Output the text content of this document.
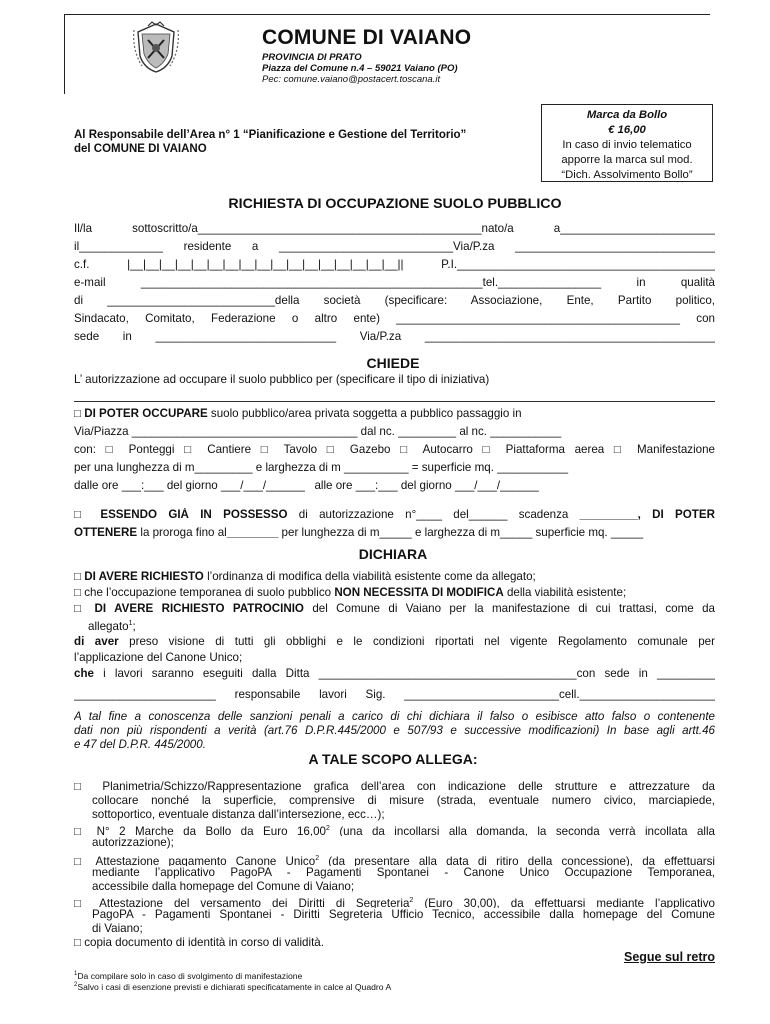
COMUNE DI VAIANO
PROVINCIA DI PRATO
Piazza del Comune n.4 – 59021 Vaiano (PO)
Pec: comune.vaiano@postacert.toscana.it
Al Responsabile dell’Area n° 1 “Pianificazione e Gestione del Territorio”
del COMUNE DI VAIANO
Marca da Bollo
€ 16,00
In caso di invio telematico
apporre la marca sul mod.
“Dich. Assolvimento Bollo”
RICHIESTA DI OCCUPAZIONE SUOLO PUBBLICO
Il/la sottoscritto/a____________________________________________nato/a a________________________
il_____________ residente a ___________________________Via/P.za _______________________________
c.f. |__|__|__|__|__|__|__|__|__|__|__|__|__|__|__|__|__|| P.I.________________________________________
e-mail _____________________________________________________tel.________________ in qualità
di __________________________della società (specificare: Associazione, Ente, Partito politico,
Sindacato, Comitato, Federazione o altro ente) ____________________________________________ con
sede in ____________________________ Via/P.za _____________________________________________
CHIEDE
L’ autorizzazione ad occupare il suolo pubblico per (specificare il tipo di iniziativa)
□ DI POTER OCCUPARE suolo pubblico/area privata soggetta a pubblico passaggio in
Via/Piazza ___________________________________ dal nc. _________ al nc. ___________
con: □ Ponteggi □ Cantiere □ Tavolo □ Gazebo □ Autocarro □ Piattaforma aerea □ Manifestazione
per una lunghezza di m_________ e larghezza di m __________ = superficie mq. ___________
dalle ore ___:___ del giorno ___/___/______   alle ore ___:___ del giorno ___/___/______
□ ESSENDO GIÀ IN POSSESSO di autorizzazione n°____ del______ scadenza _________, DI POTER
OTTENERE la proroga fino al________ per lunghezza di m_____ e larghezza di m_____ superficie mq. _____
DICHIARA
□ DI AVERE RICHIESTO l’ordinanza di modifica della viabilità esistente come da allegato;
□ che l’occupazione temporanea di suolo pubblico NON NECESSITA DI MODIFICA della viabilità esistente;
□ DI AVERE RICHIESTO PATROCINIO del Comune di Vaiano per la manifestazione di cui trattasi, come da
allegato$^1$;
di aver preso visione di tutti gli obblighi e le condizioni riportati nel vigente Regolamento comunale per
l’applicazione del Canone Unico;
che i lavori saranno eseguiti dalla Ditta ________________________________________con sede in _________
______________________ responsabile lavori Sig. ________________________cell._____________________
A tal fine a conoscenza delle sanzioni penali a carico di chi dichiara il falso o esibisce atto falso o contenente
dati non più rispondenti a verità (art.76 D.P.R.445/2000 e 507/93 e successive modificazioni) In base agli artt.46
e 47 del D.P.R. 445/2000.
A TALE SCOPO ALLEGA:
□ Planimetria/Schizzo/Rappresentazione grafica dell’area con indicazione delle strutture e attrezzature da
collocare nonché la superficie, comprensive di misure (strada, eventuale numero civico, marciapiede,
sottoportico, eventuale distanza dall’intersezione, ecc…);
□ N° 2 Marche da Bollo da Euro 16,00$^2$ (una da incollarsi alla domanda, la seconda verrà incollata alla
autorizzazione);
□ Attestazione pagamento Canone Unico$^2$ (da presentare alla data di ritiro della concessione), da effettuarsi
mediante l’applicativo PagoPA - Pagamenti Spontanei - Canone Unico Occupazione Temporanea,
accessibile dalla homepage del Comune di Vaiano;
□ Attestazione del versamento dei Diritti di Segreteria$^2$ (Euro 30,00), da effettuarsi mediante l’applicativo
PagoPA - Pagamenti Spontanei - Diritti Segreteria Ufficio Tecnico, accessibile dalla homepage del Comune
di Vaiano;
□ copia documento di identità in corso di validità.
Segue sul retro
$^1$Da compilare solo in caso di svolgimento di manifestazione
$^2$Salvo i casi di esenzione previsti e dichiarati specificatamente in calce al Quadro A
